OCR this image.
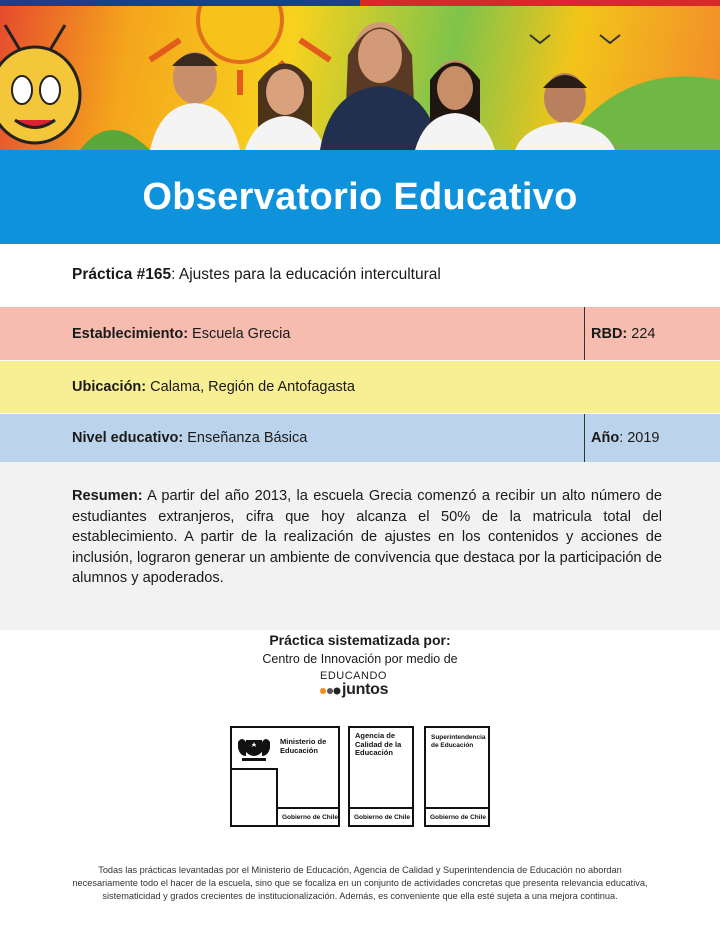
Observatorio Educativo
Práctica #165: Ajustes para la educación intercultural
Establecimiento: Escuela Grecia	RBD: 224
Ubicación: Calama, Región de Antofagasta
Nivel educativo: Enseñanza Básica	Año : 2019

Resumen: A partir del año 2013, la escuela Grecia comenzó a recibir un alto número de estudiantes extranjeros, cifra que hoy alcanza el 50% de la matricula total del establecimiento. A partir de la realización de ajustes en los contenidos y acciones de inclusión, lograron generar un ambiente de convivencia que destaca por la participación de alumnos y apoderados.

Práctica sistematizada por:
Centro de Innovación por medio de
EDUCANDO
juntos
Ministerio de
Educación
Gobierno de Chile
Agencia de
Calidad de la
Educación
Gobierno de Chile
Superintendencia
de Educación
Gobierno de Chile
Todas las prácticas levantadas por el Ministerio de Educación, Agencia de Calidad y Superintendencia de Educación no abordan necesariamente todo el hacer de la escuela, sino que se focaliza en un conjunto de actividades concretas que presenta relevancia educativa, sistematicidad y grados crecientes de institucionalización. Además, es conveniente que ella esté sujeta a una mejora continua.
